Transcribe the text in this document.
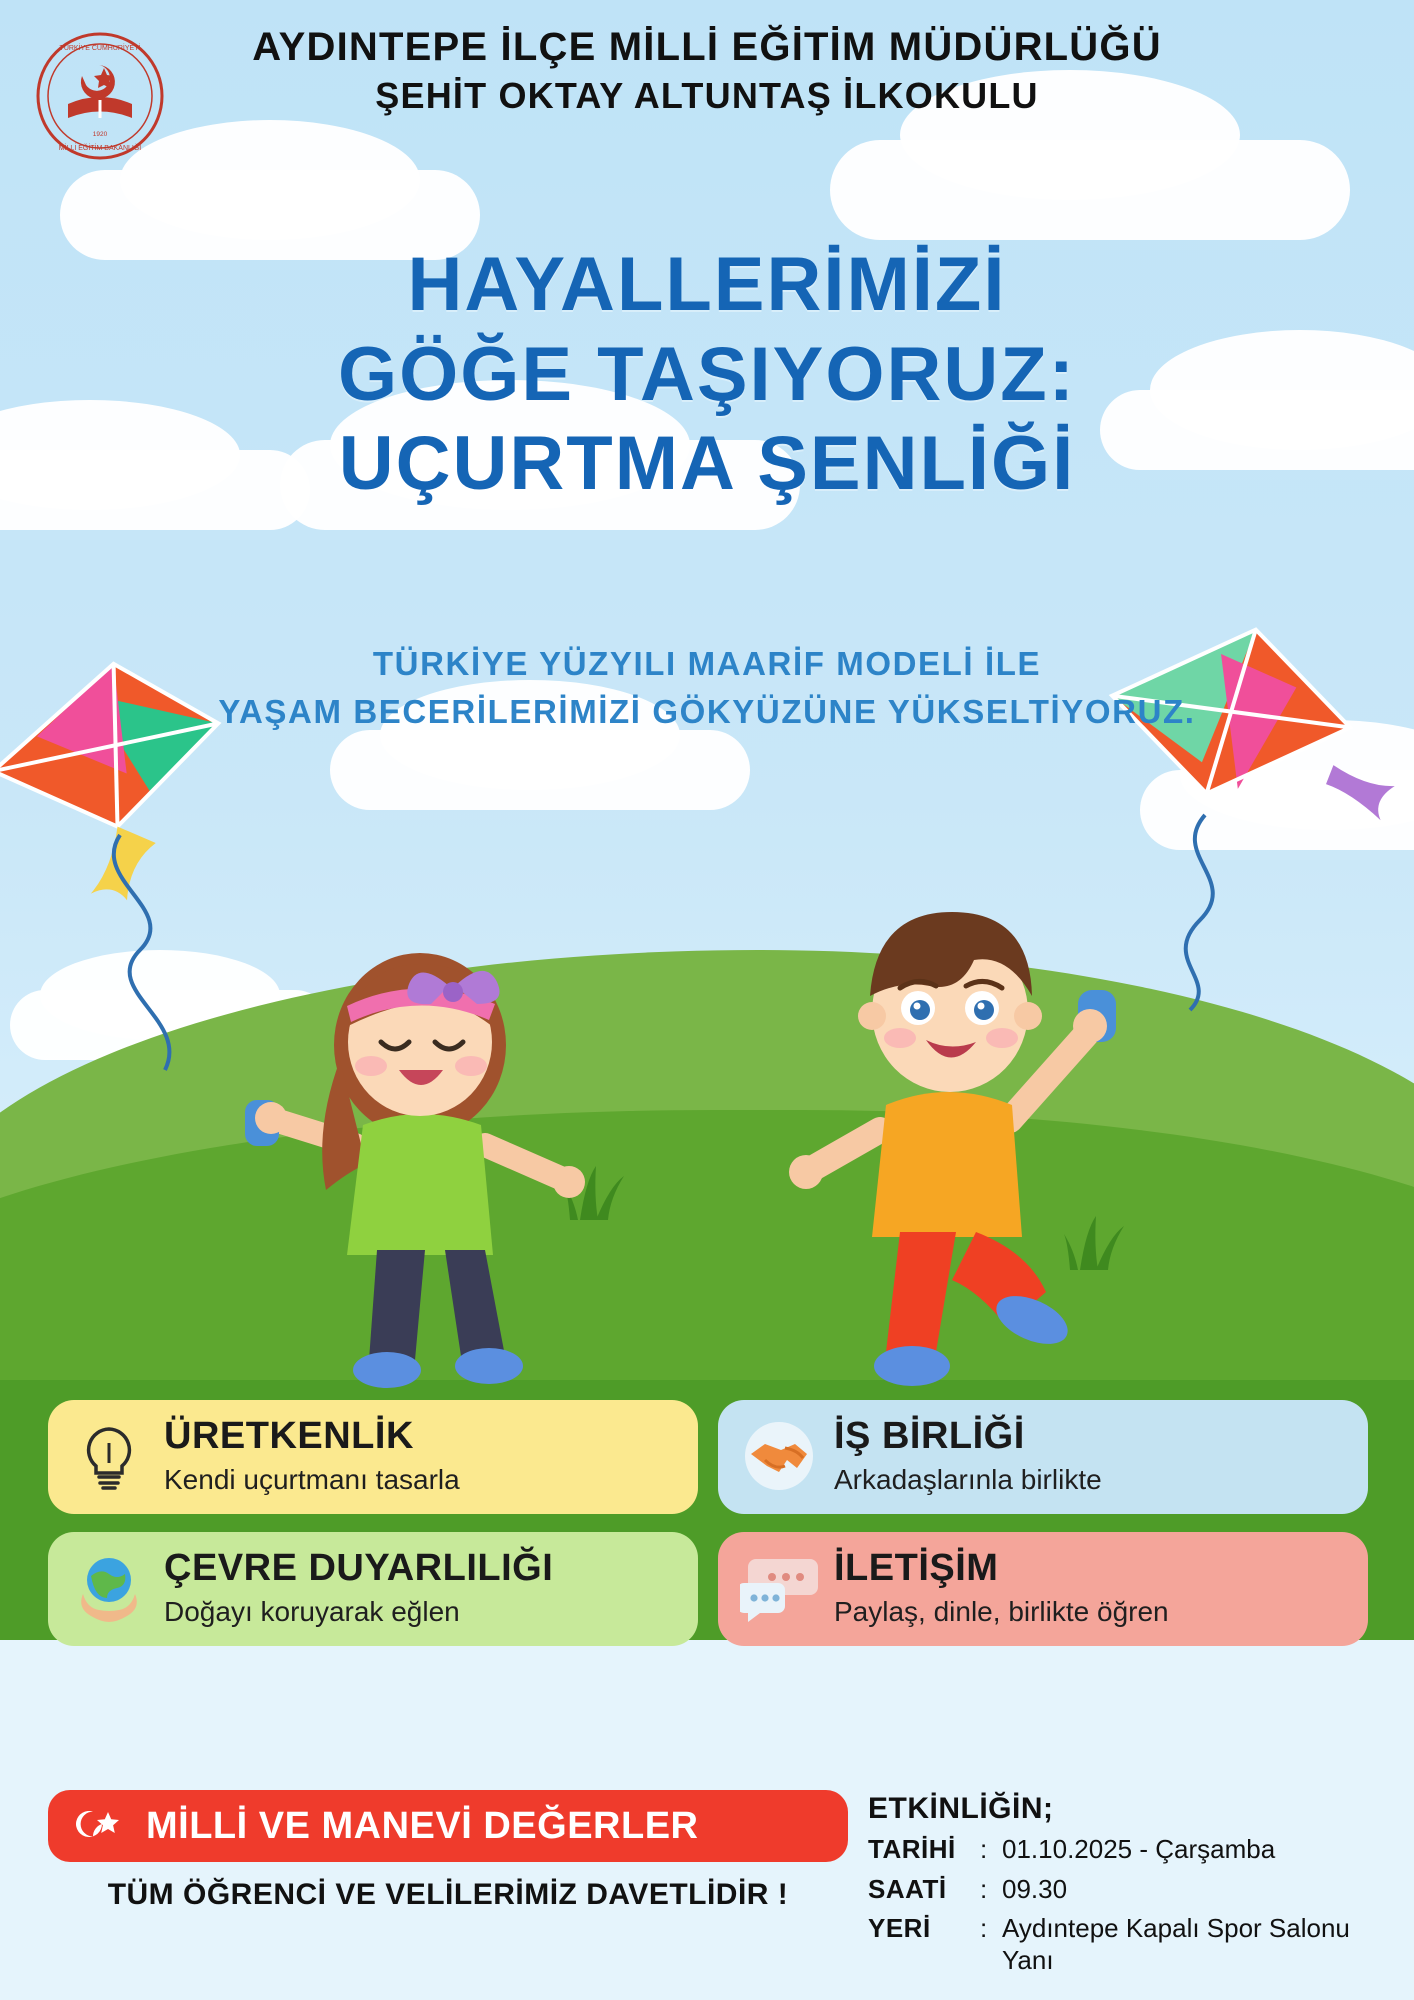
TÜRKİYE CUMHURİYETİ
MİLLİ EĞİTİM BAKANLIĞI
1920
AYDINTEPE İLÇE MİLLİ EĞİTİM MÜDÜRLÜĞÜ
ŞEHİT OKTAY ALTUNTAŞ İLKOKULU
HAYALLERİMİZİ
GÖĞE TAŞIYORUZ:
UÇURTMA ŞENLİĞİ
TÜRKİYE YÜZYILI MAARİF MODELİ İLE
YAŞAM BECERİLERİMİZİ GÖKYÜZÜNE YÜKSELTİYORUZ.
ÜRETKENLİK
Kendi uçurtmanı tasarla
İŞ BİRLİĞİ
Arkadaşlarınla birlikte
ÇEVRE DUYARLILIĞI
Doğayı koruyarak eğlen
İLETİŞİM
Paylaş, dinle, birlikte öğren
MİLLİ VE MANEVİ DEĞERLER
TÜM ÖĞRENCİ VE VELİLERİMİZ DAVETLİDİR !
ETKİNLİĞİN;
TARİHİ : 01.10.2025 - Çarşamba
SAATİ	: 09.30
YERİ	: Aydıntepe Kapalı Spor Salonu Yanı
